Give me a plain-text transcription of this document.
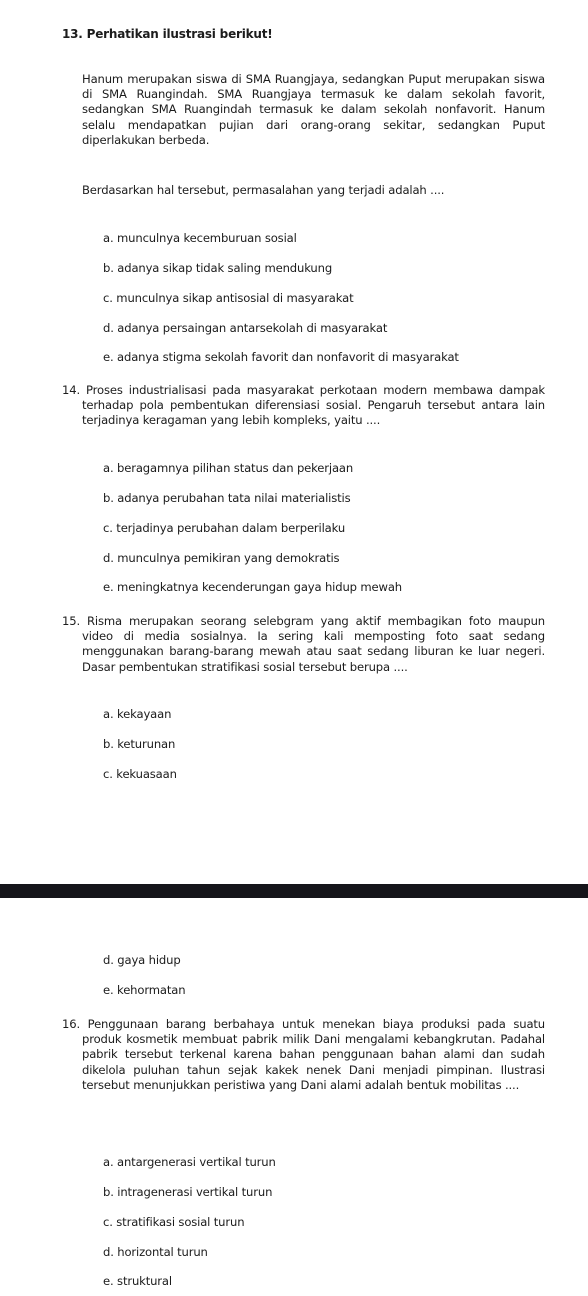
13. Perhatikan ilustrasi berikut!
Hanum merupakan siswa di SMA Ruangjaya, sedangkan Puput merupakan siswa di SMA Ruangindah. SMA Ruangjaya termasuk ke dalam sekolah favorit, sedangkan SMA Ruangindah termasuk ke dalam sekolah nonfavorit. Hanum selalu mendapatkan pujian dari orang-orang sekitar, sedangkan Puput diperlakukan berbeda.
Berdasarkan hal tersebut, permasalahan yang terjadi adalah ....
a. munculnya kecemburuan sosial
b. adanya sikap tidak saling mendukung
c. munculnya sikap antisosial di masyarakat
d. adanya persaingan antarsekolah di masyarakat
e. adanya stigma sekolah favorit dan nonfavorit di masyarakat
14. Proses industrialisasi pada masyarakat perkotaan modern membawa dampak terhadap pola pembentukan diferensiasi sosial. Pengaruh tersebut antara lain terjadinya keragaman yang lebih kompleks, yaitu ....
a. beragamnya pilihan status dan pekerjaan
b. adanya perubahan tata nilai materialistis
c. terjadinya perubahan dalam berperilaku
d. munculnya pemikiran yang demokratis
e. meningkatnya kecenderungan gaya hidup mewah
15. Risma merupakan seorang selebgram yang aktif membagikan foto maupun video di media sosialnya. Ia sering kali memposting foto saat sedang menggunakan barang-barang mewah atau saat sedang liburan ke luar negeri. Dasar pembentukan stratifikasi sosial tersebut berupa ....
a. kekayaan
b. keturunan
c. kekuasaan
d. gaya hidup
e. kehormatan
16. Penggunaan barang berbahaya untuk menekan biaya produksi pada suatu produk kosmetik membuat pabrik milik Dani mengalami kebangkrutan. Padahal pabrik tersebut terkenal karena bahan penggunaan bahan alami dan sudah dikelola puluhan tahun sejak kakek nenek Dani menjadi pimpinan. Ilustrasi tersebut menunjukkan peristiwa yang Dani alami adalah bentuk mobilitas ....
a. antargenerasi vertikal turun
b. intragenerasi vertikal turun
c. stratifikasi sosial turun
d. horizontal turun
e. struktural
